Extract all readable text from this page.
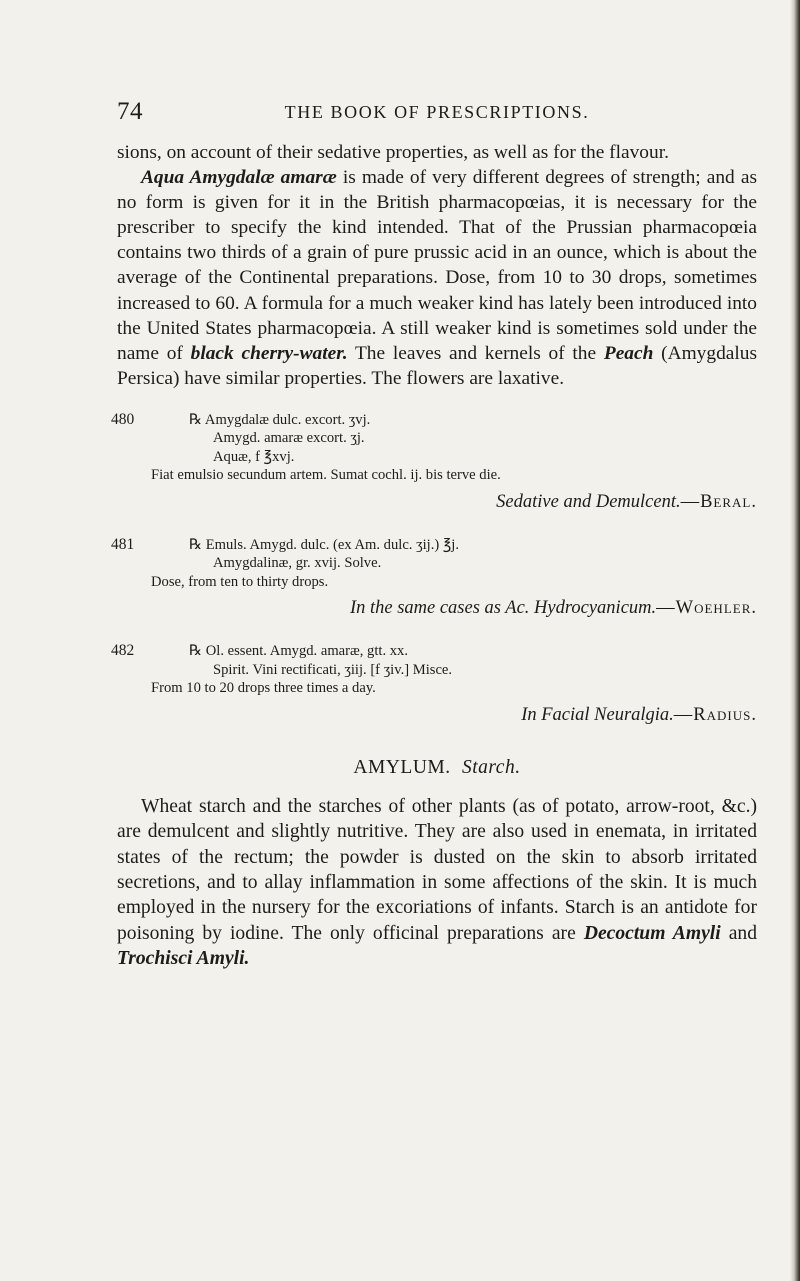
74	THE BOOK OF PRESCRIPTIONS.

sions, on account of their sedative properties, as well as for the flavour.

Aqua Amygdalæ amaræ is made of very different degrees of strength; and as no form is given for it in the British pharmacopœias, it is necessary for the prescriber to specify the kind intended. That of the Prussian pharmacopœia contains two thirds of a grain of pure prussic acid in an ounce, which is about the average of the Continental preparations. Dose, from 10 to 30 drops, sometimes increased to 60. A formula for a much weaker kind has lately been introduced into the United States pharmacopœia. A still weaker kind is sometimes sold under the name of black cherry-water. The leaves and kernels of the Peach (Amygdalus Persica) have similar properties. The flowers are laxative.

480	℞ Amygdalæ dulc. excort. ʒvj.
Amygd. amaræ excort. ʒj.
Aquæ, f ℥xvj.
Fiat emulsio secundum artem. Sumat cochl. ij. bis terve die.
Sedative and Demulcent.—Beral.
481	℞ Emuls. Amygd. dulc. (ex Am. dulc. ʒij.) ℥j.
Amygdalinæ, gr. xvij. Solve.
Dose, from ten to thirty drops.
In the same cases as Ac. Hydrocyanicum.—Woehler.
482	℞ Ol. essent. Amygd. amaræ, gtt. xx.
Spirit. Vini rectificati, ʒiij. [f ʒiv.] Misce.
From 10 to 20 drops three times a day.
In Facial Neuralgia.—Radius.
AMYLUM. Starch.

Wheat starch and the starches of other plants (as of potato, arrow-root, &c.) are demulcent and slightly nutritive. They are also used in enemata, in irritated states of the rectum; the powder is dusted on the skin to absorb irritated secretions, and to allay inflammation in some affections of the skin. It is much employed in the nursery for the excoriations of infants. Starch is an antidote for poisoning by iodine. The only officinal preparations are Decoctum Amyli and Trochisci Amyli.
